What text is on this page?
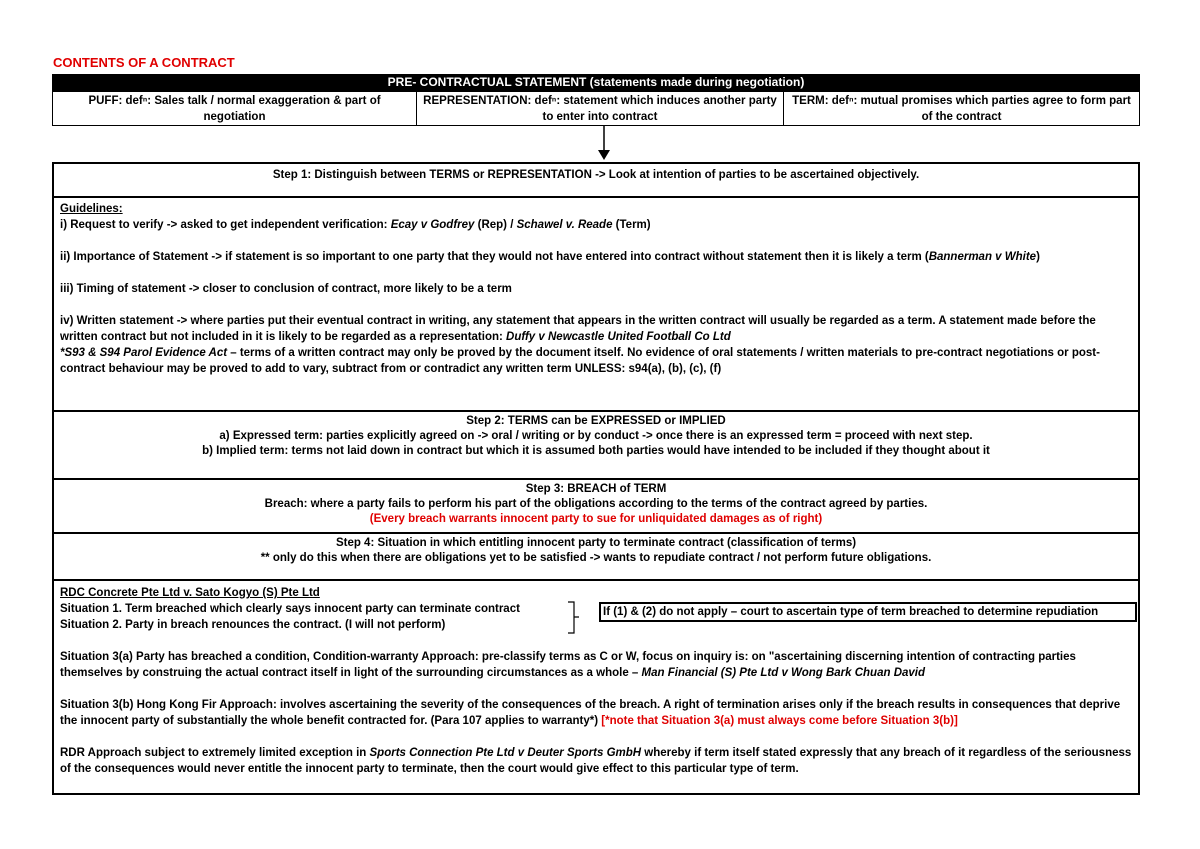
CONTENTS OF A CONTRACT
PRE- CONTRACTUAL STATEMENT (statements made during negotiation)
PUFF: defⁿ: Sales talk / normal exaggeration & part of negotiation
REPRESENTATION: defⁿ: statement which induces another party to enter into contract
TERM: defⁿ: mutual promises which parties agree to form part of the contract
Step 1: Distinguish between TERMS or REPRESENTATION -> Look at intention of parties to be ascertained objectively.

Guidelines:

i) Request to verify -> asked to get independent verification: Ecay v Godfrey (Rep) / Schawel v. Reade (Term)

ii) Importance of Statement -> if statement is so important to one party that they would not have entered into contract without statement then it is likely a term (Bannerman v White)

iii) Timing of statement -> closer to conclusion of contract, more likely to be a term

iv) Written statement -> where parties put their eventual contract in writing, any statement that appears in the written contract will usually be regarded as a term. A statement made before the written contract but not included in it is likely to be regarded as a representation: Duffy v Newcastle United Football Co Ltd
*S93 & S94 Parol Evidence Act – terms of a written contract may only be proved by the document itself. No evidence of oral statements / written materials to pre-contract negotiations or post-contract behaviour may be proved to add to vary, subtract from or contradict any written term UNLESS: s94(a), (b), (c), (f)

Step 2: TERMS can be EXPRESSED or IMPLIED
a) Expressed term: parties explicitly agreed on -> oral / writing or by conduct -> once there is an expressed term = proceed with next step.
b) Implied term: terms not laid down in contract but which it is assumed both parties would have intended to be included if they thought about it
Step 3: BREACH of TERM
Breach: where a party fails to perform his part of the obligations according to the terms of the contract agreed by parties.
(Every breach warrants innocent party to sue for unliquidated damages as of right)
Step 4: Situation in which entitling innocent party to terminate contract (classification of terms)
** only do this when there are obligations yet to be satisfied -> wants to repudiate contract / not perform future obligations.

RDC Concrete Pte Ltd v. Sato Kogyo (S) Pte Ltd

Situation 1. Term breached which clearly says innocent party can terminate contract

Situation 2. Party in breach renounces the contract. (I will not perform)

Situation 3(a) Party has breached a condition, Condition-warranty Approach: pre-classify terms as C or W, focus on inquiry is: on "ascertaining discerning intention of contracting parties themselves by construing the actual contract itself in light of the surrounding circumstances as a whole – Man Financial (S) Pte Ltd v Wong Bark Chuan David

Situation 3(b) Hong Kong Fir Approach: involves ascertaining the severity of the consequences of the breach. A right of termination arises only if the breach results in consequences that deprive the innocent party of substantially the whole benefit contracted for. (Para 107 applies to warranty*) [*note that Situation 3(a) must always come before Situation 3(b)]

RDR Approach subject to extremely limited exception in Sports Connection Pte Ltd v Deuter Sports GmbH whereby if term itself stated expressly that any breach of it regardless of the seriousness of the consequences would never entitle the innocent party to terminate, then the court would give effect to this particular type of term.

If (1) & (2) do not apply – court to ascertain type of term breached to determine repudiation
